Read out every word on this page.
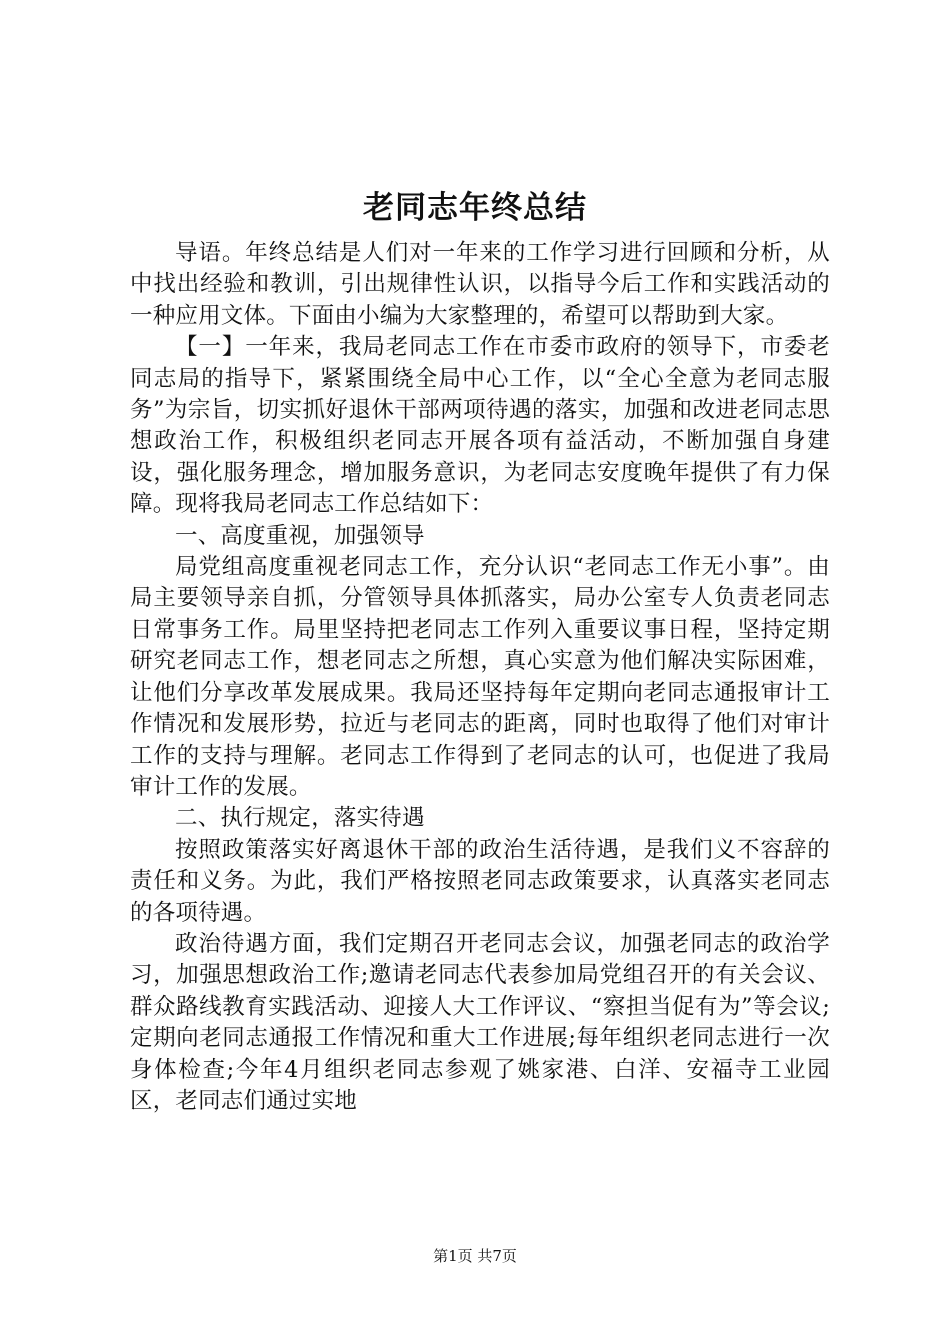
老同志年终总结

导语。年终总结是人们对一年来的工作学习进行回顾和分析，从中找出经验和教训，引出规律性认识，以指导今后工作和实践活动的一种应用文体。下面由小编为大家整理的，希望可以帮助到大家。

【一】一年来，我局老同志工作在市委市政府的领导下，市委老同志局的指导下，紧紧围绕全局中心工作，以“全心全意为老同志服务”为宗旨，切实抓好退休干部两项待遇的落实，加强和改进老同志思想政治工作，积极组织老同志开展各项有益活动，不断加强自身建设，强化服务理念，增加服务意识，为老同志安度晚年提供了有力保障。现将我局老同志工作总结如下：

一、高度重视，加强领导

局党组高度重视老同志工作，充分认识“老同志工作无小事”。由局主要领导亲自抓，分管领导具体抓落实，局办公室专人负责老同志日常事务工作。局里坚持把老同志工作列入重要议事日程，坚持定期研究老同志工作，想老同志之所想，真心实意为他们解决实际困难，让他们分享改革发展成果。我局还坚持每年定期向老同志通报审计工作情况和发展形势，拉近与老同志的距离，同时也取得了他们对审计工作的支持与理解。老同志工作得到了老同志的认可，也促进了我局审计工作的发展。

二、执行规定，落实待遇

按照政策落实好离退休干部的政治生活待遇，是我们义不容辞的责任和义务。为此，我们严格按照老同志政策要求，认真落实老同志的各项待遇。

政治待遇方面，我们定期召开老同志会议，加强老同志的政治学习，加强思想政治工作;邀请老同志代表参加局党组召开的有关会议、群众路线教育实践活动、迎接人大工作评议、“察担当促有为”等会议;定期向老同志通报工作情况和重大工作进展;每年组织老同志进行一次身体检查;今年4月组织老同志参观了姚家港、白洋、安福寺工业园区，老同志们通过实地

第1页 共7页
